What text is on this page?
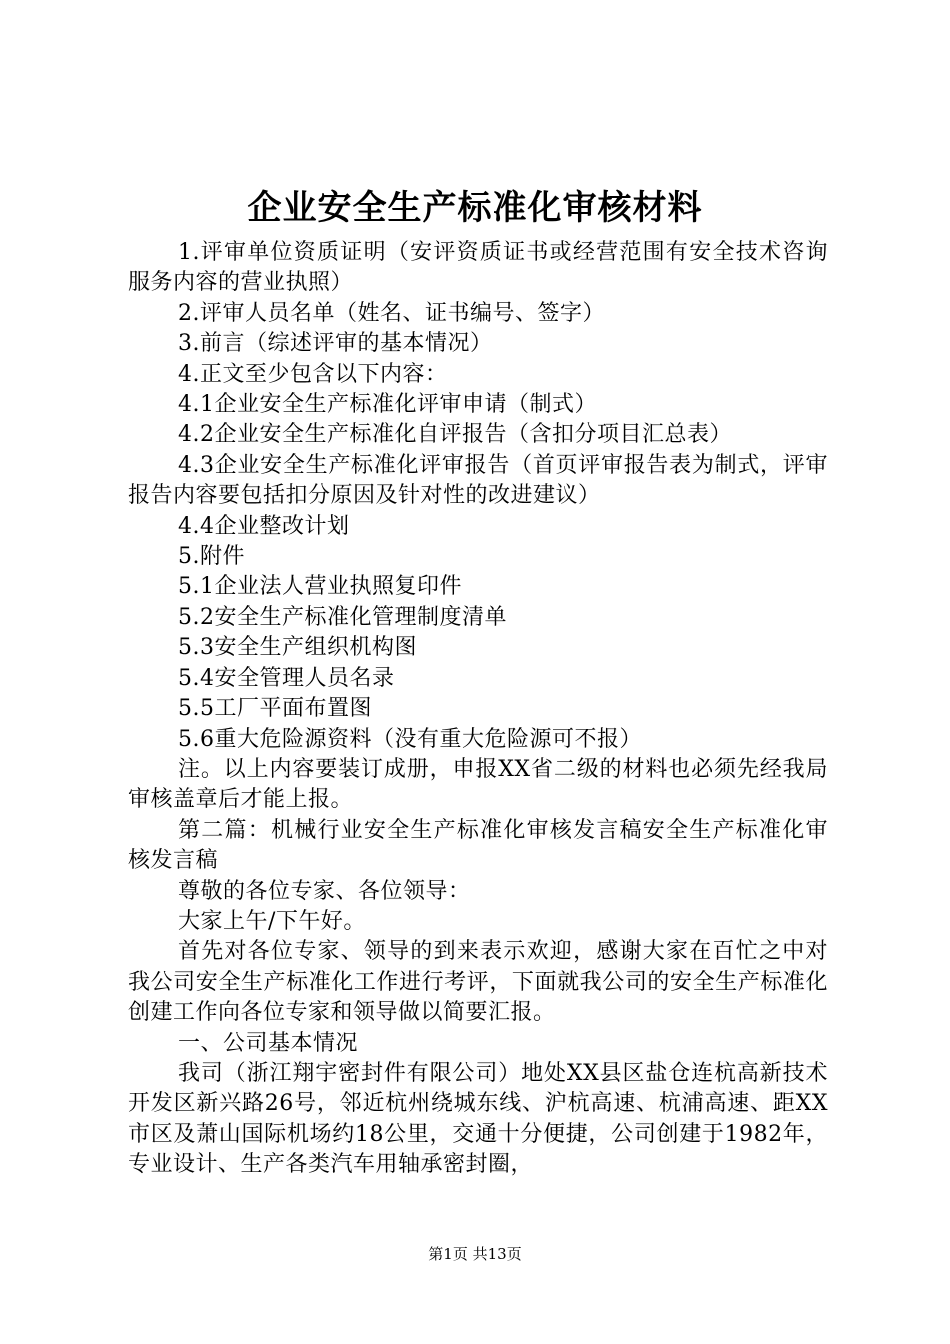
企业安全生产标准化审核材料

1.评审单位资质证明（安评资质证书或经营范围有安全技术咨询服务内容的营业执照）

2.评审人员名单（姓名、证书编号、签字）

3.前言（综述评审的基本情况）

4.正文至少包含以下内容：

4.1企业安全生产标准化评审申请（制式）

4.2企业安全生产标准化自评报告（含扣分项目汇总表）

4.3企业安全生产标准化评审报告（首页评审报告表为制式，评审报告内容要包括扣分原因及针对性的改进建议）

4.4企业整改计划

5.附件

5.1企业法人营业执照复印件

5.2安全生产标准化管理制度清单

5.3安全生产组织机构图

5.4安全管理人员名录

5.5工厂平面布置图

5.6重大危险源资料（没有重大危险源可不报）

注。以上内容要装订成册，申报XX省二级的材料也必须先经我局审核盖章后才能上报。

第二篇：机械行业安全生产标准化审核发言稿安全生产标准化审核发言稿

尊敬的各位专家、各位领导：

大家上午/下午好。

首先对各位专家、领导的到来表示欢迎，感谢大家在百忙之中对我公司安全生产标准化工作进行考评，下面就我公司的安全生产标准化创建工作向各位专家和领导做以简要汇报。

一、公司基本情况

我司（浙江翔宇密封件有限公司）地处XX县区盐仓连杭高新技术开发区新兴路26号，邻近杭州绕城东线、沪杭高速、杭浦高速、距XX市区及萧山国际机场约18公里，交通十分便捷，公司创建于1982年，专业设计、生产各类汽车用轴承密封圈，

第1页 共13页
